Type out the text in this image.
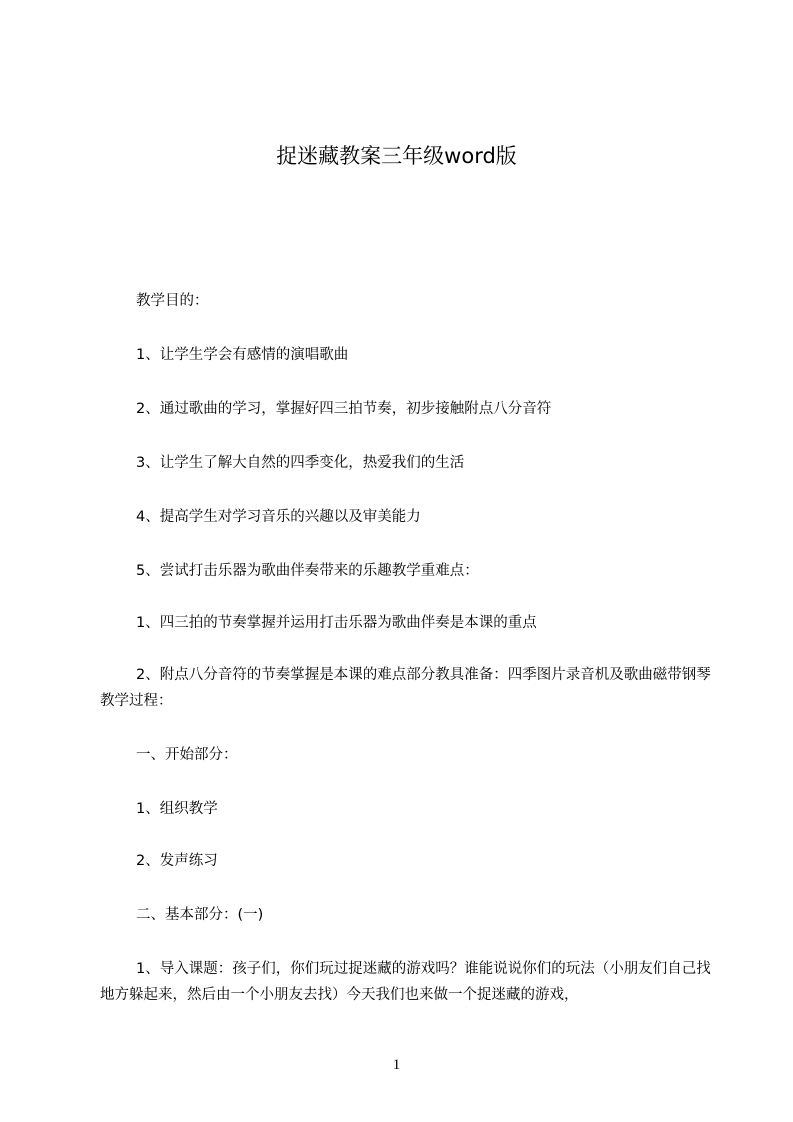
捉迷藏教案三年级word版
教学目的：
1、让学生学会有感情的演唱歌曲
2、通过歌曲的学习，掌握好四三拍节奏，初步接触附点八分音符
3、让学生了解大自然的四季变化，热爱我们的生活
4、提高学生对学习音乐的兴趣以及审美能力
5、尝试打击乐器为歌曲伴奏带来的乐趣教学重难点：
1、四三拍的节奏掌握并运用打击乐器为歌曲伴奏是本课的重点
2、附点八分音符的节奏掌握是本课的难点部分教具准备：四季图片录音机及歌曲磁带钢琴教学过程：
一、开始部分：
1、组织教学
2、发声练习
二、基本部分：(一)
1、导入课题：孩子们，你们玩过捉迷藏的游戏吗？谁能说说你们的玩法（小朋友们自己找地方躲起来，然后由一个小朋友去找）今天我们也来做一个捉迷藏的游戏，
1
